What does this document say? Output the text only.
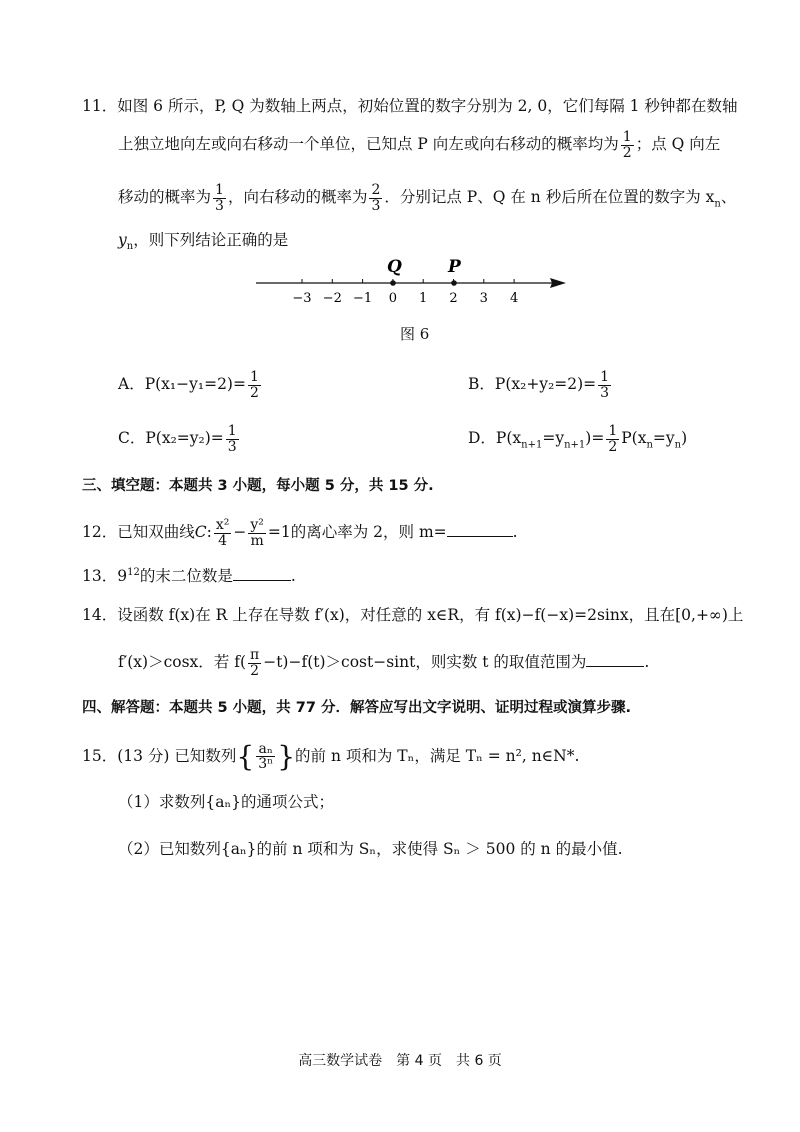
11．如图 6 所示，P, Q 为数轴上两点，初始位置的数字分别为 2, 0，它们每隔 1 秒钟都在数轴
上独立地向左或向右移动一个单位，已知点 P 向左或向右移动的概率均为 $\frac{1}{2}$ ；点 Q 向左
移动的概率为 $\frac{1}{3}$ ，向右移动的概率为 $\frac{2}{3}$ ．分别记点 P、Q 在 n 秒后所在位置的数字为 $x_n$、
$y_n$，则下列结论正确的是
−3 −2 −1 0 1 2 3 4
Q	P
图 6
A．$P(x_1-y_1=2)= \frac{1}{2}$	B．$P(x_2+y_2=2)= \frac{1}{3}$
C．$P(x_2=y_2)= \frac{1}{3}$	D．$P(x_{n+1}=y_{n+1})= \frac{1}{2} P(x_n=y_n)$
三、填空题：本题共 3 小题，每小题 5 分，共 15 分.
12．已知双曲线C: $\frac{\text{x²}}{4} - \frac{\text{y²}}{m} =1$的离心率为 2，则 m=	.
13．$9^{12}$的末二位数是	.
14．设函数 f(x)在 R 上存在导数 f′(x)，对任意的 x∈R，有 f(x)−f(−x)=2sinx，且在[0,+∞)上
f′(x)＞cosx．若 $f( \frac{\pi}{2} -t)-f(t)>\cos t-\sin t$，则实数 t 的取值范围为	.
四、解答题：本题共 5 小题，共 77 分．解答应写出文字说明、证明过程或演算步骤.
15．(13 分) 已知数列{ $\frac{\text{aₙ}}{\text{3ⁿ}}$ }的前 n 项和为 Tₙ，满足 Tₙ = n², n∈N*.
（1）求数列{aₙ}的通项公式；
（2）已知数列{aₙ}的前 n 项和为 Sₙ，求使得 Sₙ ＞ 500 的 n 的最小值.
高三数学试卷　第 4 页　共 6 页
